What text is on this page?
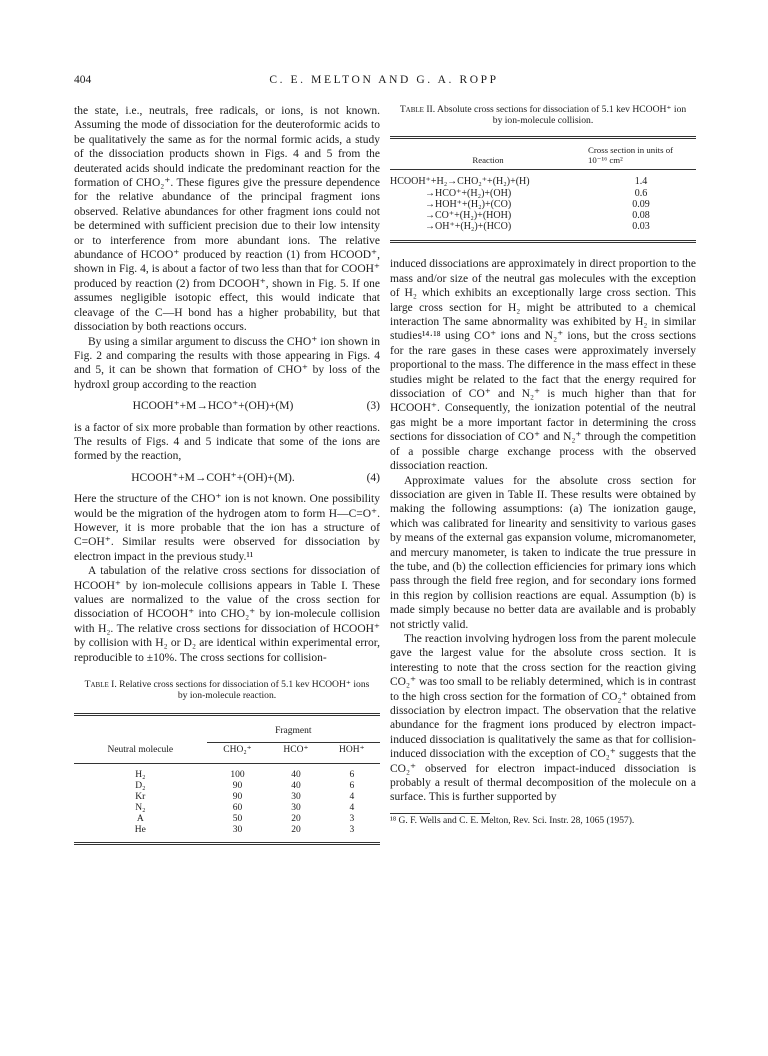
404	C. E. MELTON AND G. A. ROPP

the state, i.e., neutrals, free radicals, or ions, is not known. Assuming the mode of dissociation for the deuteroformic acids to be qualitatively the same as for the normal formic acids, a study of the dissociation products shown in Figs. 4 and 5 from the deuterated acids should indicate the predominant reaction for the formation of CHO₂⁺. These figures give the pressure dependence for the relative abundance of the principal fragment ions observed. Relative abundances for other fragment ions could not be determined with sufficient precision due to their low intensity or to interference from more abundant ions. The relative abundance of HCOO⁺ produced by reaction (1) from HCOOD⁺, shown in Fig. 4, is about a factor of two less than that for COOH⁺ produced by reaction (2) from DCOOH⁺, shown in Fig. 5. If one assumes negligible isotopic effect, this would indicate that cleavage of the C—H bond has a higher probability, but that dissociation by both reactions occurs.

By using a similar argument to discuss the CHO⁺ ion shown in Fig. 2 and comparing the results with those appearing in Figs. 4 and 5, it can be shown that formation of CHO⁺ by loss of the hydroxl group according to the reaction

HCOOH⁺+M→HCO⁺+(OH)+(M)	(3)

is a factor of six more probable than formation by other reactions. The results of Figs. 4 and 5 indicate that some of the ions are formed by the reaction,

HCOOH⁺+M→COH⁺+(OH)+(M).	(4)

Here the structure of the CHO⁺ ion is not known. One possibility would be the migration of the hydrogen atom to form H—C=O⁺. However, it is more probable that the ion has a structure of C=OH⁺. Similar results were observed for dissociation by electron impact in the previous study.¹¹

A tabulation of the relative cross sections for dissociation of HCOOH⁺ by ion-molecule collisions appears in Table I. These values are normalized to the value of the cross section for dissociation of HCOOH⁺ into CHO₂⁺ by ion-molecule collision with H₂. The relative cross sections for dissociation of HCOOH⁺ by collision with H₂ or D₂ are identical within experimental error, reproducible to ±10%. The cross sections for collision-

Table I. Relative cross sections for dissociation of 5.1 kev HCOOH⁺ ions by ion-molecule reaction.
	Fragment		
Neutral molecule	CHO₂⁺	HCO⁺	HOH⁺
H₂	100	40	6
D₂	90	40	6
Kr	90	30	4
N₂	60	30	4
A	50	20	3
He	30	20	3
Table II. Absolute cross sections for dissociation of 5.1 kev HCOOH⁺ ion by ion-molecule collision.
Reaction	Cross section in units of
10⁻¹⁶ cm²

HCOOH⁺+H₂→CHO₂⁺+(H₂)+(H)	1.4
→HCO⁺+(H₂)+(OH)	0.6
→HOH⁺+(H₂)+(CO)	0.09
→CO⁺+(H₂)+(HOH)	0.08
→OH⁺+(H₂)+(HCO)	0.03

induced dissociations are approximately in direct proportion to the mass and/or size of the neutral gas molecules with the exception of H₂ which exhibits an exceptionally large cross section. This large cross section for H₂ might be attributed to a chemical interaction The same abnormality was exhibited by H₂ in similar studies¹⁴·¹⁸ using CO⁺ ions and N₂⁺ ions, but the cross sections for the rare gases in these cases were approximately inversely proportional to the mass. The difference in the mass effect in these studies might be related to the fact that the energy required for dissociation of CO⁺ and N₂⁺ is much higher than that for HCOOH⁺. Consequently, the ionization potential of the neutral gas might be a more important factor in determining the cross sections for dissociation of CO⁺ and N₂⁺ through the competition of a possible charge exchange process with the observed dissociation reaction.

Approximate values for the absolute cross section for dissociation are given in Table II. These results were obtained by making the following assumptions: (a) The ionization gauge, which was calibrated for linearity and sensitivity to various gases by means of the external gas expansion volume, micromanometer, and mercury manometer, is taken to indicate the true pressure in the tube, and (b) the collection efficiencies for primary ions which pass through the field free region, and for secondary ions formed in this region by collision reactions are equal. Assumption (b) is made simply because no better data are available and is probably not strictly valid.

The reaction involving hydrogen loss from the parent molecule gave the largest value for the absolute cross section. It is interesting to note that the cross section for the reaction giving CO₂⁺ was too small to be reliably determined, which is in contrast to the high cross section for the formation of CO₂⁺ obtained from dissociation by electron impact. The observation that the relative abundance for the fragment ions produced by electron impact-induced dissociation is qualitatively the same as that for collision-induced dissociation with the exception of CO₂⁺ suggests that the CO₂⁺ observed for electron impact-induced dissociation is probably a result of thermal decomposition of the molecule on a surface. This is further supported by

¹⁸ G. F. Wells and C. E. Melton, Rev. Sci. Instr. 28, 1065 (1957).
